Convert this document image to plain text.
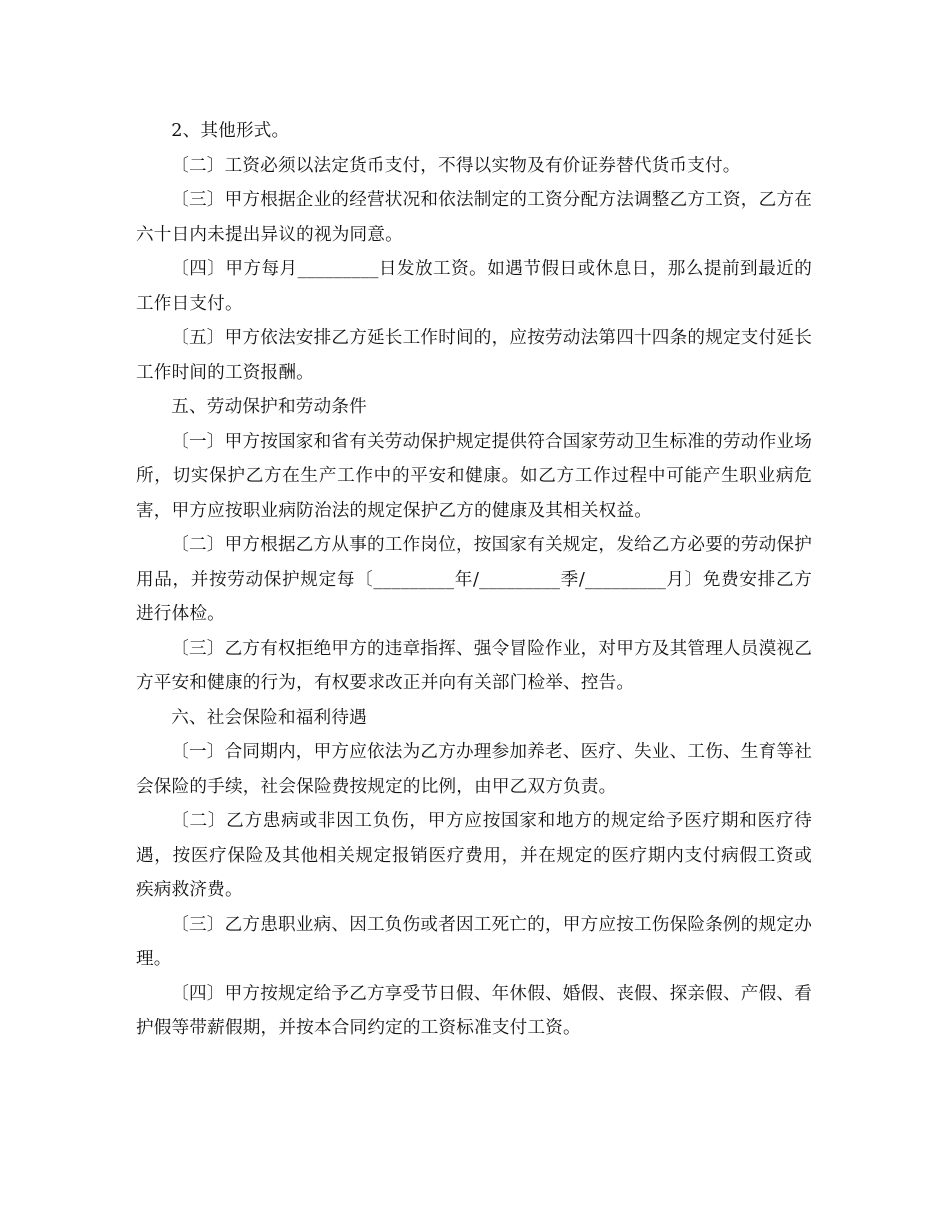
2、其他形式。

〔二〕工资必须以法定货币支付，不得以实物及有价证券替代货币支付。

〔三〕甲方根据企业的经营状况和依法制定的工资分配方法调整乙方工资，乙方在六十日内未提出异议的视为同意。

〔四〕甲方每月_________日发放工资。如遇节假日或休息日，那么提前到最近的工作日支付。

〔五〕甲方依法安排乙方延长工作时间的，应按劳动法第四十四条的规定支付延长工作时间的工资报酬。

五、劳动保护和劳动条件

〔一〕甲方按国家和省有关劳动保护规定提供符合国家劳动卫生标准的劳动作业场所，切实保护乙方在生产工作中的平安和健康。如乙方工作过程中可能产生职业病危害，甲方应按职业病防治法的规定保护乙方的健康及其相关权益。

〔二〕甲方根据乙方从事的工作岗位，按国家有关规定，发给乙方必要的劳动保护用品，并按劳动保护规定每〔_________年/_________季/_________月〕免费安排乙方进行体检。

〔三〕乙方有权拒绝甲方的违章指挥、强令冒险作业，对甲方及其管理人员漠视乙方平安和健康的行为，有权要求改正并向有关部门检举、控告。

六、社会保险和福利待遇

〔一〕合同期内，甲方应依法为乙方办理参加养老、医疗、失业、工伤、生育等社会保险的手续，社会保险费按规定的比例，由甲乙双方负责。

〔二〕乙方患病或非因工负伤，甲方应按国家和地方的规定给予医疗期和医疗待遇，按医疗保险及其他相关规定报销医疗费用，并在规定的医疗期内支付病假工资或疾病救济费。

〔三〕乙方患职业病、因工负伤或者因工死亡的，甲方应按工伤保险条例的规定办理。

〔四〕甲方按规定给予乙方享受节日假、年休假、婚假、丧假、探亲假、产假、看护假等带薪假期，并按本合同约定的工资标准支付工资。
